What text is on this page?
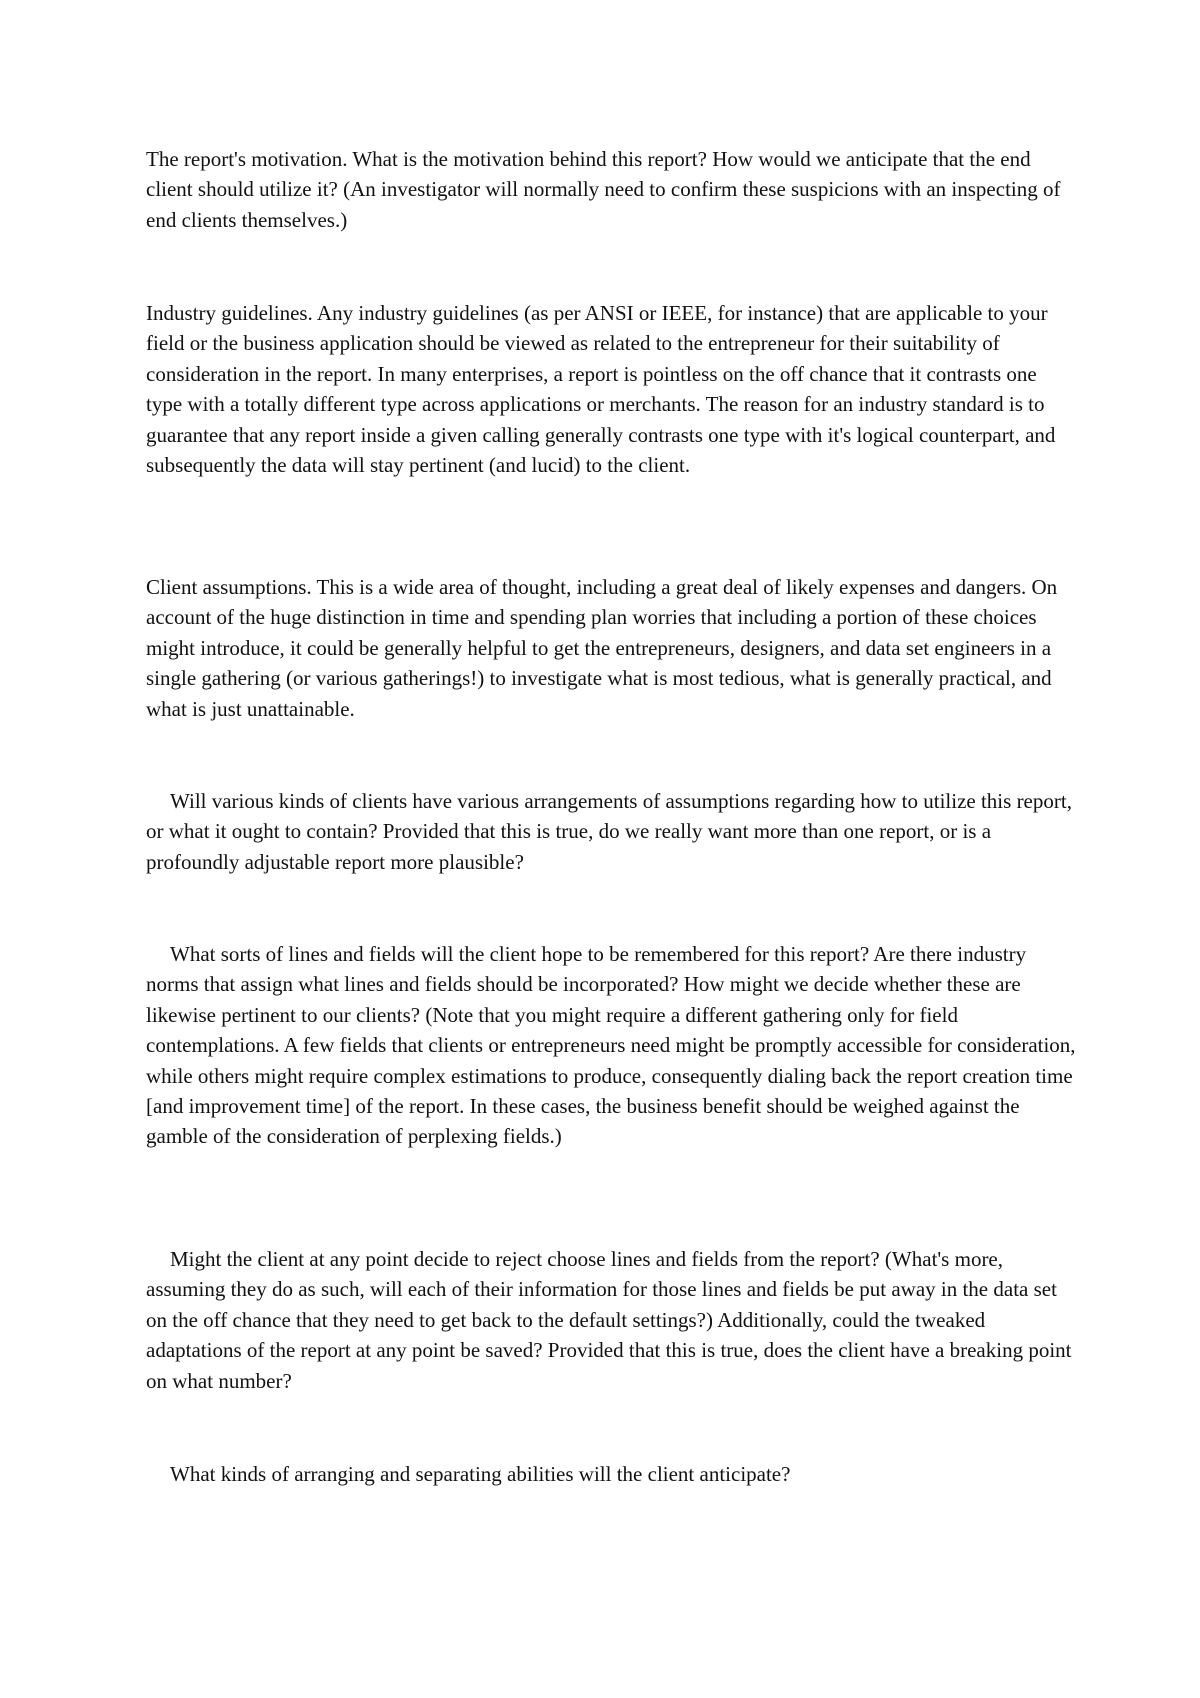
The report's motivation. What is the motivation behind this report? How would we anticipate that the end client should utilize it? (An investigator will normally need to confirm these suspicions with an inspecting of end clients themselves.)

Industry guidelines. Any industry guidelines (as per ANSI or IEEE, for instance) that are applicable to your field or the business application should be viewed as related to the entrepreneur for their suitability of consideration in the report. In many enterprises, a report is pointless on the off chance that it contrasts one type with a totally different type across applications or merchants. The reason for an industry standard is to guarantee that any report inside a given calling generally contrasts one type with it's logical counterpart, and subsequently the data will stay pertinent (and lucid) to the client.

Client assumptions. This is a wide area of thought, including a great deal of likely expenses and dangers. On account of the huge distinction in time and spending plan worries that including a portion of these choices might introduce, it could be generally helpful to get the entrepreneurs, designers, and data set engineers in a single gathering (or various gatherings!) to investigate what is most tedious, what is generally practical, and what is just unattainable.

Will various kinds of clients have various arrangements of assumptions regarding how to utilize this report, or what it ought to contain? Provided that this is true, do we really want more than one report, or is a profoundly adjustable report more plausible?

What sorts of lines and fields will the client hope to be remembered for this report? Are there industry norms that assign what lines and fields should be incorporated? How might we decide whether these are likewise pertinent to our clients? (Note that you might require a different gathering only for field contemplations. A few fields that clients or entrepreneurs need might be promptly accessible for consideration, while others might require complex estimations to produce, consequently dialing back the report creation time [and improvement time] of the report. In these cases, the business benefit should be weighed against the gamble of the consideration of perplexing fields.)

Might the client at any point decide to reject choose lines and fields from the report? (What's more, assuming they do as such, will each of their information for those lines and fields be put away in the data set on the off chance that they need to get back to the default settings?) Additionally, could the tweaked adaptations of the report at any point be saved? Provided that this is true, does the client have a breaking point on what number?

What kinds of arranging and separating abilities will the client anticipate?
